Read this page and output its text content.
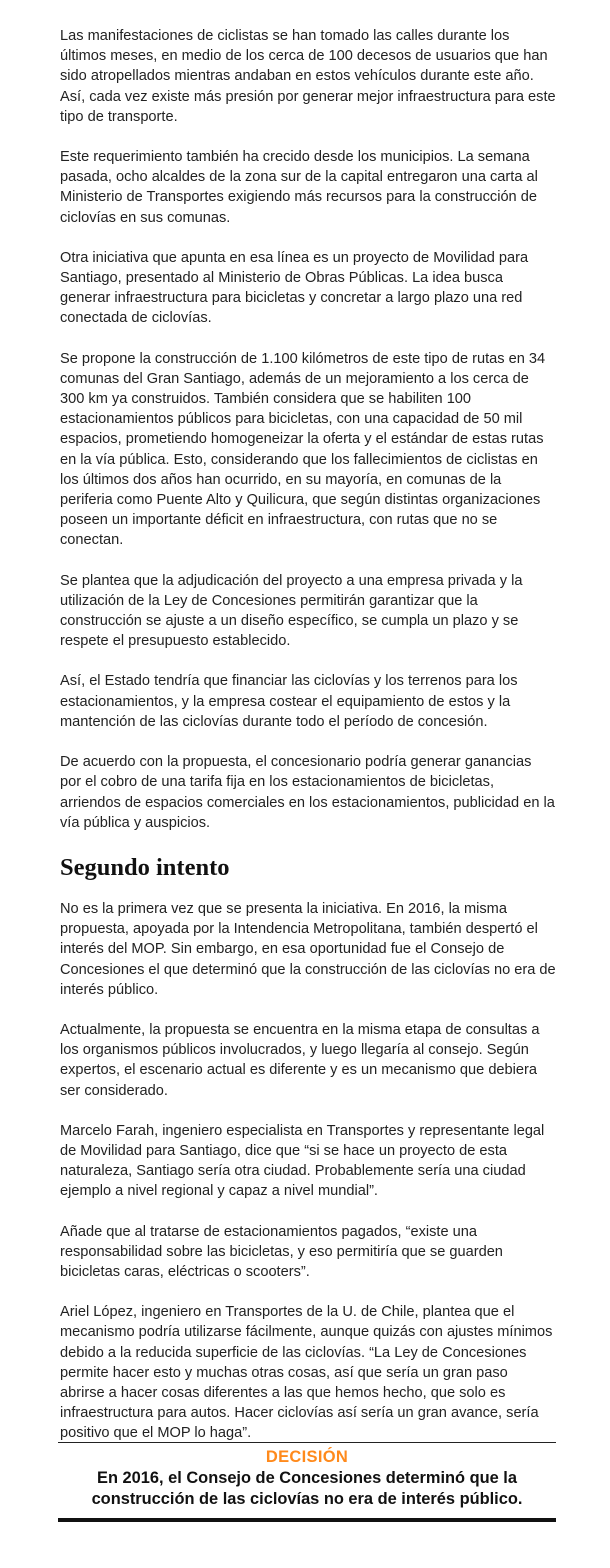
Las manifestaciones de ciclistas se han tomado las calles durante los últimos meses, en medio de los cerca de 100 decesos de usuarios que han sido atropellados mientras andaban en estos vehículos durante este año. Así, cada vez existe más presión por generar mejor infraestructura para este tipo de transporte.

Este requerimiento también ha crecido desde los municipios. La semana pasada, ocho alcaldes de la zona sur de la capital entregaron una carta al Ministerio de Transportes exigiendo más recursos para la construcción de ciclovías en sus comunas.

Otra iniciativa que apunta en esa línea es un proyecto de Movilidad para Santiago, presentado al Ministerio de Obras Públicas. La idea busca generar infraestructura para bicicletas y concretar a largo plazo una red conectada de ciclovías.

Se propone la construcción de 1.100 kilómetros de este tipo de rutas en 34 comunas del Gran Santiago, además de un mejoramiento a los cerca de 300 km ya construidos. También considera que se habiliten 100 estacionamientos públicos para bicicletas, con una capacidad de 50 mil espacios, prometiendo homogeneizar la oferta y el estándar de estas rutas en la vía pública. Esto, considerando que los fallecimientos de ciclistas en los últimos dos años han ocurrido, en su mayoría, en comunas de la periferia como Puente Alto y Quilicura, que según distintas organizaciones poseen un importante déficit en infraestructura, con rutas que no se conectan.

Se plantea que la adjudicación del proyecto a una empresa privada y la utilización de la Ley de Concesiones permitirán garantizar que la construcción se ajuste a un diseño específico, se cumpla un plazo y se respete el presupuesto establecido.

Así, el Estado tendría que financiar las ciclovías y los terrenos para los estacionamientos, y la empresa costear el equipamiento de estos y la mantención de las ciclovías durante todo el período de concesión.

De acuerdo con la propuesta, el concesionario podría generar ganancias por el cobro de una tarifa fija en los estacionamientos de bicicletas, arriendos de espacios comerciales en los estacionamientos, publicidad en la vía pública y auspicios.

Segundo intento

No es la primera vez que se presenta la iniciativa. En 2016, la misma propuesta, apoyada por la Intendencia Metropolitana, también despertó el interés del MOP. Sin embargo, en esa oportunidad fue el Consejo de Concesiones el que determinó que la construcción de las ciclovías no era de interés público.

Actualmente, la propuesta se encuentra en la misma etapa de consultas a los organismos públicos involucrados, y luego llegaría al consejo. Según expertos, el escenario actual es diferente y es un mecanismo que debiera ser considerado.

Marcelo Farah, ingeniero especialista en Transportes y representante legal de Movilidad para Santiago, dice que “si se hace un proyecto de esta naturaleza, Santiago sería otra ciudad. Probablemente sería una ciudad ejemplo a nivel regional y capaz a nivel mundial”.

Añade que al tratarse de estacionamientos pagados, “existe una responsabilidad sobre las bicicletas, y eso permitiría que se guarden bicicletas caras, eléctricas o scooters”.

Ariel López, ingeniero en Transportes de la U. de Chile, plantea que el mecanismo podría utilizarse fácilmente, aunque quizás con ajustes mínimos debido a la reducida superficie de las ciclovías. “La Ley de Concesiones permite hacer esto y muchas otras cosas, así que sería un gran paso abrirse a hacer cosas diferentes a las que hemos hecho, que solo es infraestructura para autos. Hacer ciclovías así sería un gran avance, sería positivo que el MOP lo haga”.

DECISIÓN
En 2016, el Consejo de Concesiones determinó que la construcción de las ciclovías no era de interés público.
